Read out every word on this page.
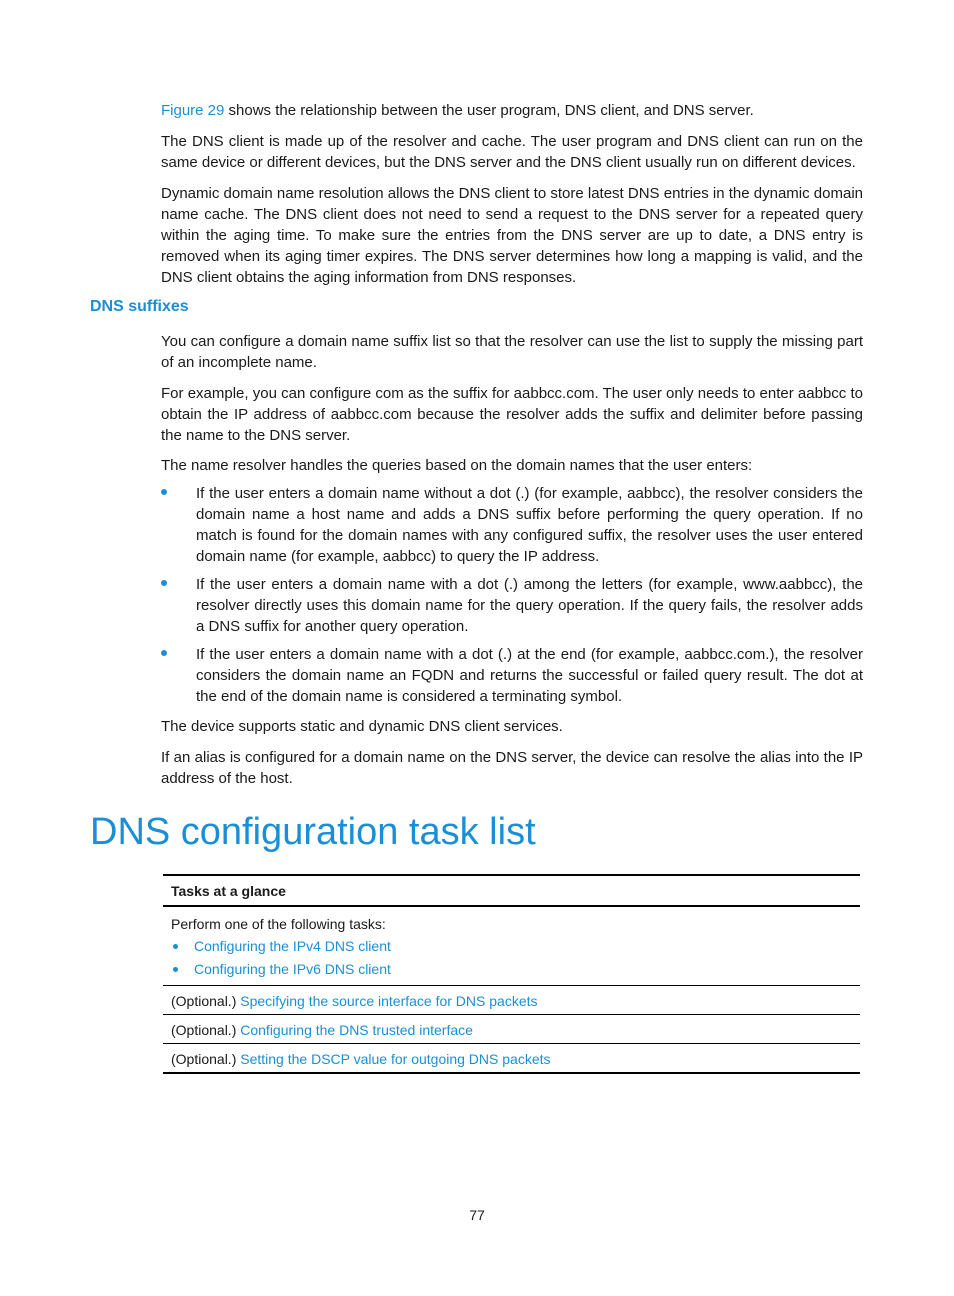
Figure 29 shows the relationship between the user program, DNS client, and DNS server.

The DNS client is made up of the resolver and cache. The user program and DNS client can run on the same device or different devices, but the DNS server and the DNS client usually run on different devices.

Dynamic domain name resolution allows the DNS client to store latest DNS entries in the dynamic domain name cache. The DNS client does not need to send a request to the DNS server for a repeated query within the aging time. To make sure the entries from the DNS server are up to date, a DNS entry is removed when its aging timer expires. The DNS server determines how long a mapping is valid, and the DNS client obtains the aging information from DNS responses.

DNS suffixes

You can configure a domain name suffix list so that the resolver can use the list to supply the missing part of an incomplete name.

For example, you can configure com as the suffix for aabbcc.com. The user only needs to enter aabbcc to obtain the IP address of aabbcc.com because the resolver adds the suffix and delimiter before passing the name to the DNS server.

The name resolver handles the queries based on the domain names that the user enters:

If the user enters a domain name without a dot (.) (for example, aabbcc), the resolver considers the domain name a host name and adds a DNS suffix before performing the query operation. If no match is found for the domain names with any configured suffix, the resolver uses the user entered domain name (for example, aabbcc) to query the IP address.
If the user enters a domain name with a dot (.) among the letters (for example, www.aabbcc), the resolver directly uses this domain name for the query operation. If the query fails, the resolver adds a DNS suffix for another query operation.
If the user enters a domain name with a dot (.) at the end (for example, aabbcc.com.), the resolver considers the domain name an FQDN and returns the successful or failed query result. The dot at the end of the domain name is considered a terminating symbol.

The device supports static and dynamic DNS client services.

If an alias is configured for a domain name on the DNS server, the device can resolve the alias into the IP address of the host.

DNS configuration task list
Tasks at a glance
Perform one of the following tasks:
Configuring the IPv4 DNS client
Configuring the IPv6 DNS client
(Optional.) Specifying the source interface for DNS packets
(Optional.) Configuring the DNS trusted interface
(Optional.) Setting the DSCP value for outgoing DNS packets
77
